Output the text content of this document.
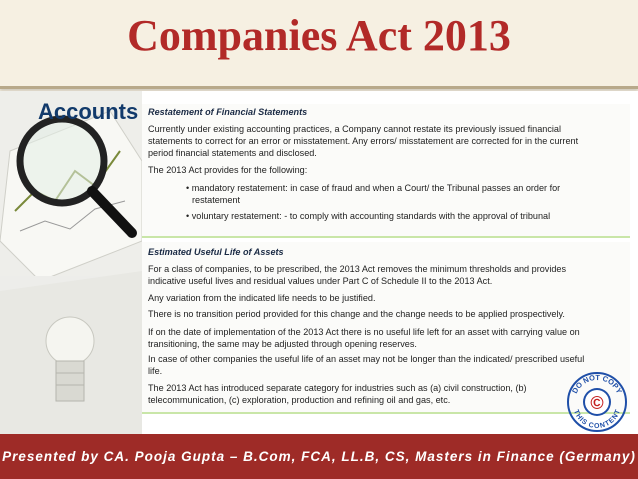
Companies Act 2013
Accounts Restatement of Financial Statements
Currently under existing accounting practices, a Company cannot restate its previously issued financial
statements to correct for an error or misstatement. Any errors/ misstatement are corrected for in the current
period financial statements and disclosed.
The 2013 Act provides for the following:
• mandatory restatement: in case of fraud and when a Court/ the Tribunal passes an order for
restatement
• voluntary restatement: - to comply with accounting standards with the approval of tribunal
Estimated Useful Life of Assets
For a class of companies, to be prescribed, the 2013 Act removes the minimum thresholds and provides
indicative useful lives and residual values under Part C of Schedule II to the 2013 Act.
Any variation from the indicated life needs to be justified.
There is no transition period provided for this change and the change needs to be applied prospectively.
If on the date of implementation of the 2013 Act there is no useful life left for an asset with carrying value on
transitioning, the same may be adjusted through opening reserves.
In case of other companies the useful life of an asset may not be longer than the indicated/ prescribed useful
life.
The 2013 Act has introduced separate category for industries such as (a) civil construction, (b)
telecommunication, (c) exploration, production and refining oil and gas, etc.	©
DO NOT COPY
THIS CONTENT
Presented by CA. Pooja Gupta – B.Com, FCA, LL.B, CS, Masters in Finance (Germany)
